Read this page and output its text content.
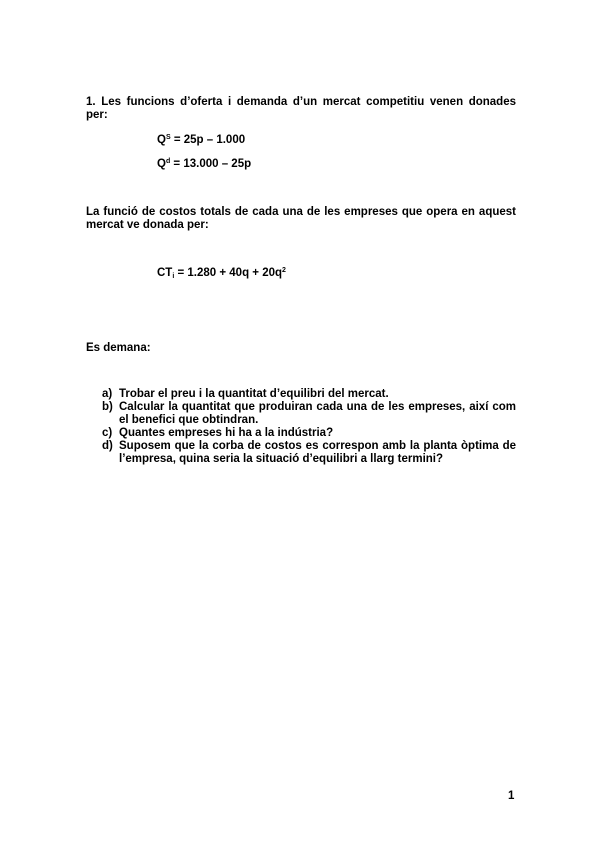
1. Les funcions d’oferta i demanda d’un mercat competitiu venen donades per:

$Q^S = 25p - 1.000$
$Q^d = 13.000 - 25p$

La funció de costos totals de cada una de les empreses que opera en aquest mercat ve donada per:

$CT_i = 1.280 + 40q + 20q^2$
Es demana:
a) Trobar el preu i la quantitat d’equilibri del mercat.
b) Calcular la quantitat que produiran cada una de les empreses, així com el benefici que obtindran.
c) Quantes empreses hi ha a la indústria?
d) Suposem que la corba de costos es correspon amb la planta òptima de l’empresa, quina seria la situació d’equilibri a llarg termini?
1
